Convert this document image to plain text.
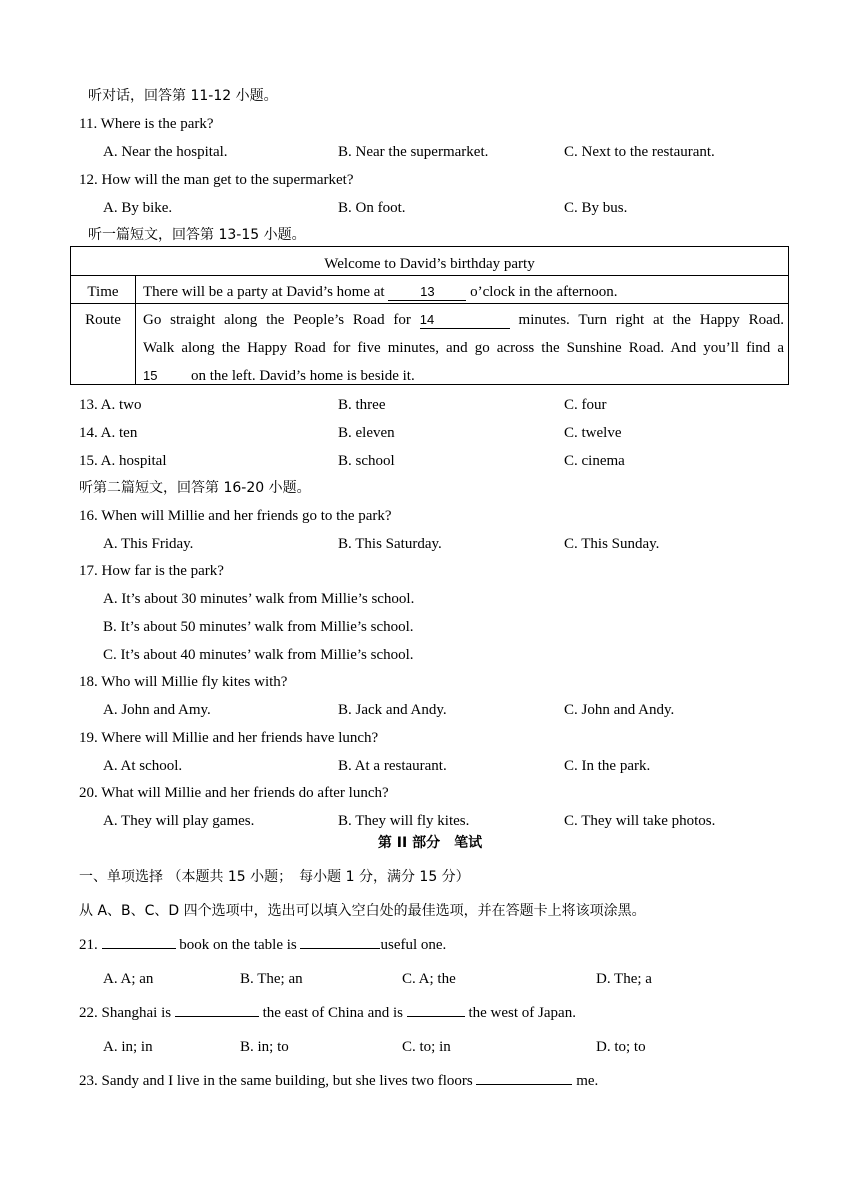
听对话，回答第 11-12 小题。
11. Where is the park?
A. Near the hospital.	B. Near the supermarket.	C. Next to the restaurant.
12. How will the man get to the supermarket?
A. By bike.	B. On foot.	C. By bus.
听一篇短文，回答第 13-15 小题。
Welcome to David’s birthday party
Time	There will be a party at David’s home at 13 o’clock in the afternoon.
Route	Go straight along the People’s Road for 14	minutes. Turn right at the Happy Road.
Walk along the Happy Road for five minutes, and go across the Sunshine Road. And you’ll find a
15 on the left. David’s home is beside it.
13. A. two	B. three	C. four
14. A. ten	B. eleven	C. twelve
15. A. hospital	B. school	C. cinema
听第二篇短文，回答第 16-20 小题。
16. When will Millie and her friends go to the park?
A. This Friday.	B. This Saturday.	C. This Sunday.
17. How far is the park?
A. It’s about 30 minutes’ walk from Millie’s school.
B. It’s about 50 minutes’ walk from Millie’s school.
C. It’s about 40 minutes’ walk from Millie’s school.
18. Who will Millie fly kites with?
A. John and Amy.	B. Jack and Andy.	C. John and Andy.
19. Where will Millie and her friends have lunch?
A. At school.	B. At a restaurant.	C. In the park.
20. What will Millie and her friends do after lunch?
A. They will play games.	B. They will fly kites.	C. They will take photos.
第 II 部分　笔试
一、单项选择 （本题共 15 小题；　每小题 1 分，满分 15 分）
从 A、B、C、D 四个选项中，选出可以填入空白处的最佳选项，并在答题卡上将该项涂黑。
21.	book on the table is	useful one.
A. A; an	B. The; an	C. A; the	D. The; a
22. Shanghai is	the east of China and is	the west of Japan.
A. in; in	B. in; to	C. to; in	D. to; to
23. Sandy and I live in the same building, but she lives two floors	me.
